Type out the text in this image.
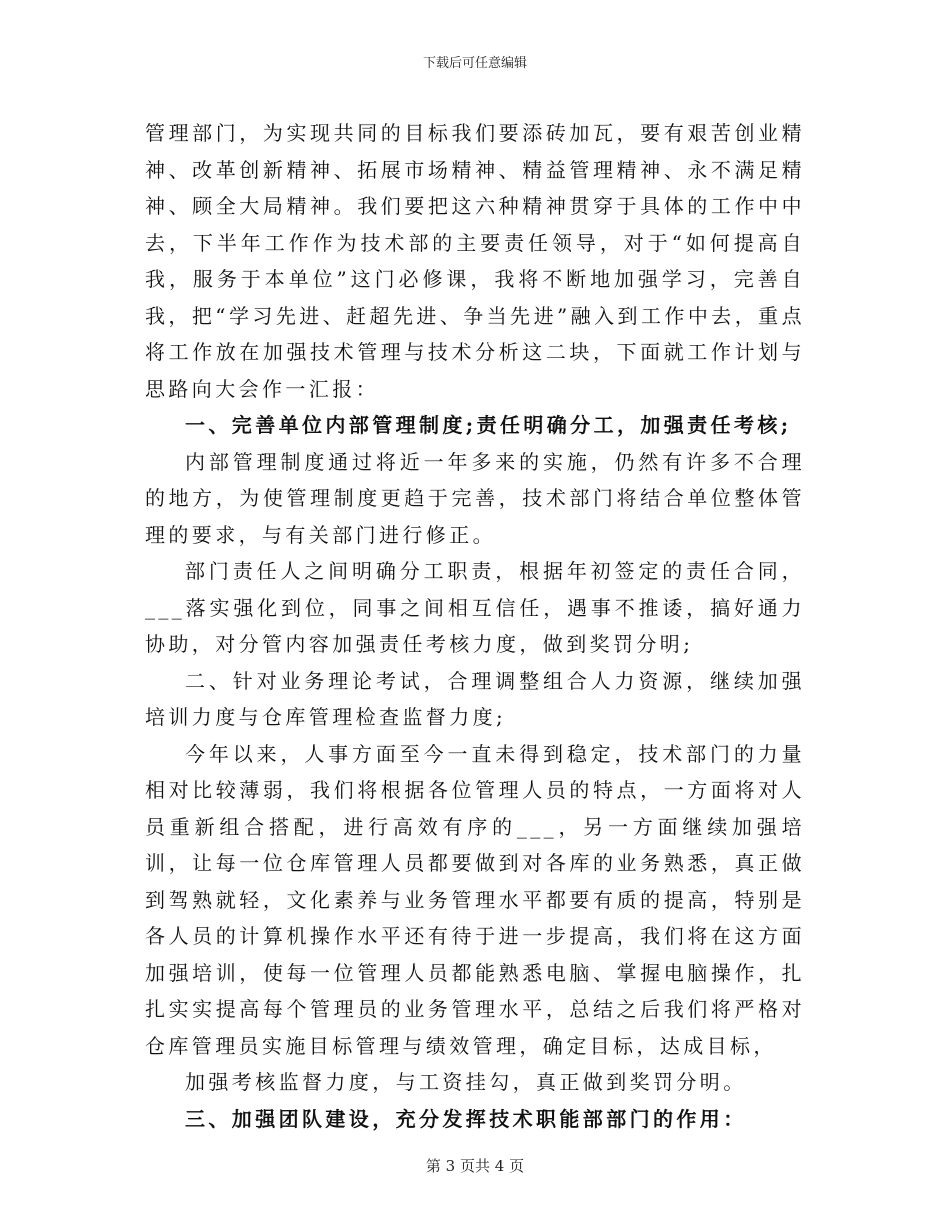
下载后可任意编辑

管理部门，为实现共同的目标我们要添砖加瓦，要有艰苦创业精神、改革创新精神、拓展市场精神、精益管理精神、永不满足精神、顾全大局精神。我们要把这六种精神贯穿于具体的工作中中去，下半年工作作为技术部的主要责任领导，对于“如何提高自我，服务于本单位”这门必修课，我将不断地加强学习，完善自我，把“学习先进、赶超先进、争当先进”融入到工作中去，重点将工作放在加强技术管理与技术分析这二块，下面就工作计划与思路向大会作一汇报：

一、完善单位内部管理制度;责任明确分工，加强责任考核;

内部管理制度通过将近一年多来的实施，仍然有许多不合理的地方，为使管理制度更趋于完善，技术部门将结合单位整体管理的要求，与有关部门进行修正。

部门责任人之间明确分工职责，根据年初签定的责任合同，___落实强化到位，同事之间相互信任，遇事不推诿，搞好通力协助，对分管内容加强责任考核力度，做到奖罚分明;

二、针对业务理论考试，合理调整组合人力资源，继续加强培训力度与仓库管理检查监督力度;

今年以来，人事方面至今一直未得到稳定，技术部门的力量相对比较薄弱，我们将根据各位管理人员的特点，一方面将对人员重新组合搭配，进行高效有序的___，另一方面继续加强培训，让每一位仓库管理人员都要做到对各库的业务熟悉，真正做到驾熟就轻，文化素养与业务管理水平都要有质的提高，特别是各人员的计算机操作水平还有待于进一步提高，我们将在这方面加强培训，使每一位管理人员都能熟悉电脑、掌握电脑操作，扎扎实实提高每个管理员的业务管理水平，总结之后我们将严格对仓库管理员实施目标管理与绩效管理，确定目标，达成目标，

加强考核监督力度，与工资挂勾，真正做到奖罚分明。

三、加强团队建设，充分发挥技术职能部部门的作用：

第 3 页共 4 页
